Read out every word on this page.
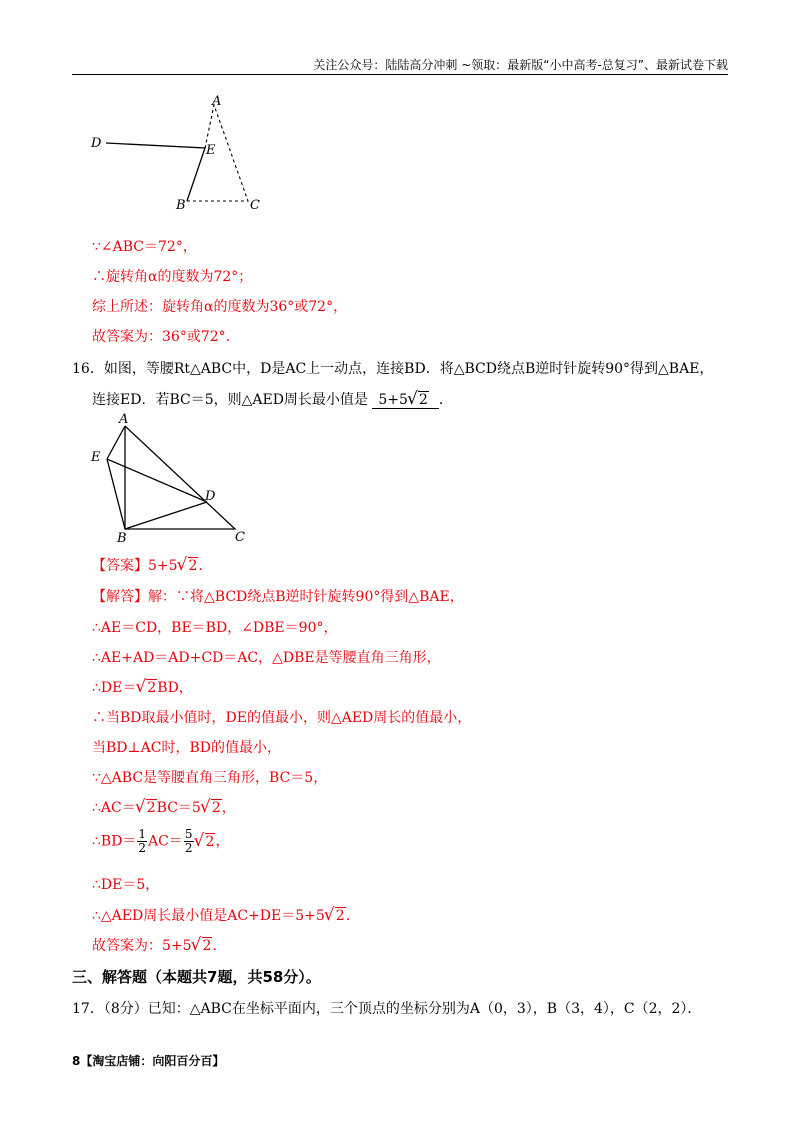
关注公众号：陆陆高分冲刺 ~领取：最新版“小中高考-总复习”、最新试卷下载
A
D	E
B	C
∵∠ABC＝72°，
∴旋转角α的度数为72°；
综上所述：旋转角α的度数为36°或72°，
故答案为：36°或72°.
16．如图，等腰Rt△ABC中，D是AC上一动点，连接BD．将△BCD绕点B逆时针旋转90°得到△BAE，
连接ED．若BC＝5，则△AED周长最小值是 5+5 √ 2 ．
A
E
D
B	C
【答案】5+5 √ 2．
【解答】解：∵将△BCD绕点B逆时针旋转90°得到△BAE，
∴AE＝CD，BE＝BD，∠DBE＝90°，
∴AE+AD＝AD+CD＝AC，△DBE是等腰直角三角形，
∴DE＝ √ 2BD，
∴当BD取最小值时，DE的值最小，则△AED周长的值最小，
当BD⊥AC时，BD的值最小，
∵△ABC是等腰直角三角形，BC＝5，
∴AC＝ √ 2BC＝5 √ 2，
∴BD＝ $\frac{1}{2} AC= \frac{5}{2}$ √ 2，
∴DE＝5，
∴△AED周长最小值是AC+DE＝5+5 √ 2．
故答案为：5+5 √ 2．
三、解答题（本题共7题，共58分）。
17．（8分）已知：△ABC在坐标平面内，三个顶点的坐标分别为A（0，3），B（3，4），C（2，2）．
8【淘宝店铺：向阳百分百】
